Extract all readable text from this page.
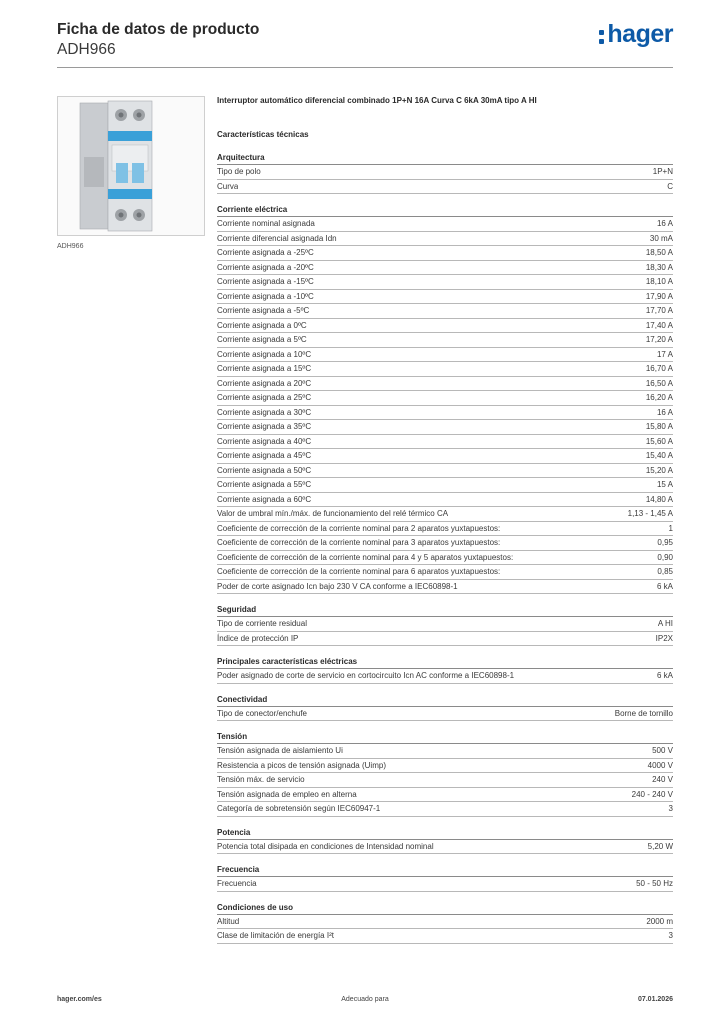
Ficha de datos de producto
ADH966
hager
ADH966
Interruptor automático diferencial combinado 1P+N 16A Curva C 6kA 30mA tipo A HI
Características técnicas
Arquitectura
Tipo de polo	1P+N
Curva	C
Corriente eléctrica
Corriente nominal asignada	16 A
Corriente diferencial asignada Idn	30 mA
Corriente asignada a -25ºC	18,50 A
Corriente asignada a -20ºC	18,30 A
Corriente asignada a -15ºC	18,10 A
Corriente asignada a -10ºC	17,90 A
Corriente asignada a -5ºC	17,70 A
Corriente asignada a 0ºC	17,40 A
Corriente asignada a 5ºC	17,20 A
Corriente asignada a 10ºC	17 A
Corriente asignada a 15ºC	16,70 A
Corriente asignada a 20ºC	16,50 A
Corriente asignada a 25ºC	16,20 A
Corriente asignada a 30ºC	16 A
Corriente asignada a 35ºC	15,80 A
Corriente asignada a 40ºC	15,60 A
Corriente asignada a 45ºC	15,40 A
Corriente asignada a 50ºC	15,20 A
Corriente asignada a 55ºC	15 A
Corriente asignada a 60ºC	14,80 A
Valor de umbral mín./máx. de funcionamiento del relé térmico CA	1,13 - 1,45 A
Coeficiente de corrección de la corriente nominal para 2 aparatos yuxtapuestos:	1
Coeficiente de corrección de la corriente nominal para 3 aparatos yuxtapuestos:	0,95
Coeficiente de corrección de la corriente nominal para 4 y 5 aparatos yuxtapuestos:	0,90
Coeficiente de corrección de la corriente nominal para 6 aparatos yuxtapuestos:	0,85
Poder de corte asignado Icn bajo 230 V CA conforme a IEC60898-1	6 kA
Seguridad
Tipo de corriente residual	A HI
Índice de protección IP	IP2X
Principales características eléctricas
Poder asignado de corte de servicio en cortocircuito Icn AC conforme a IEC60898-1	6 kA
Conectividad
Tipo de conector/enchufe	Borne de tornillo
Tensión
Tensión asignada de aislamiento Ui	500 V
Resistencia a picos de tensión asignada (Uimp)	4000 V
Tensión máx. de servicio	240 V
Tensión asignada de empleo en alterna	240 - 240 V
Categoría de sobretensión según IEC60947-1	3
Potencia
Potencia total disipada en condiciones de Intensidad nominal	5,20 W
Frecuencia
Frecuencia	50 - 50 Hz
Condiciones de uso
Altitud	2000 m
Clase de limitación de energía I²t	3
hager.com/es	Adecuado para	07.01.2026
